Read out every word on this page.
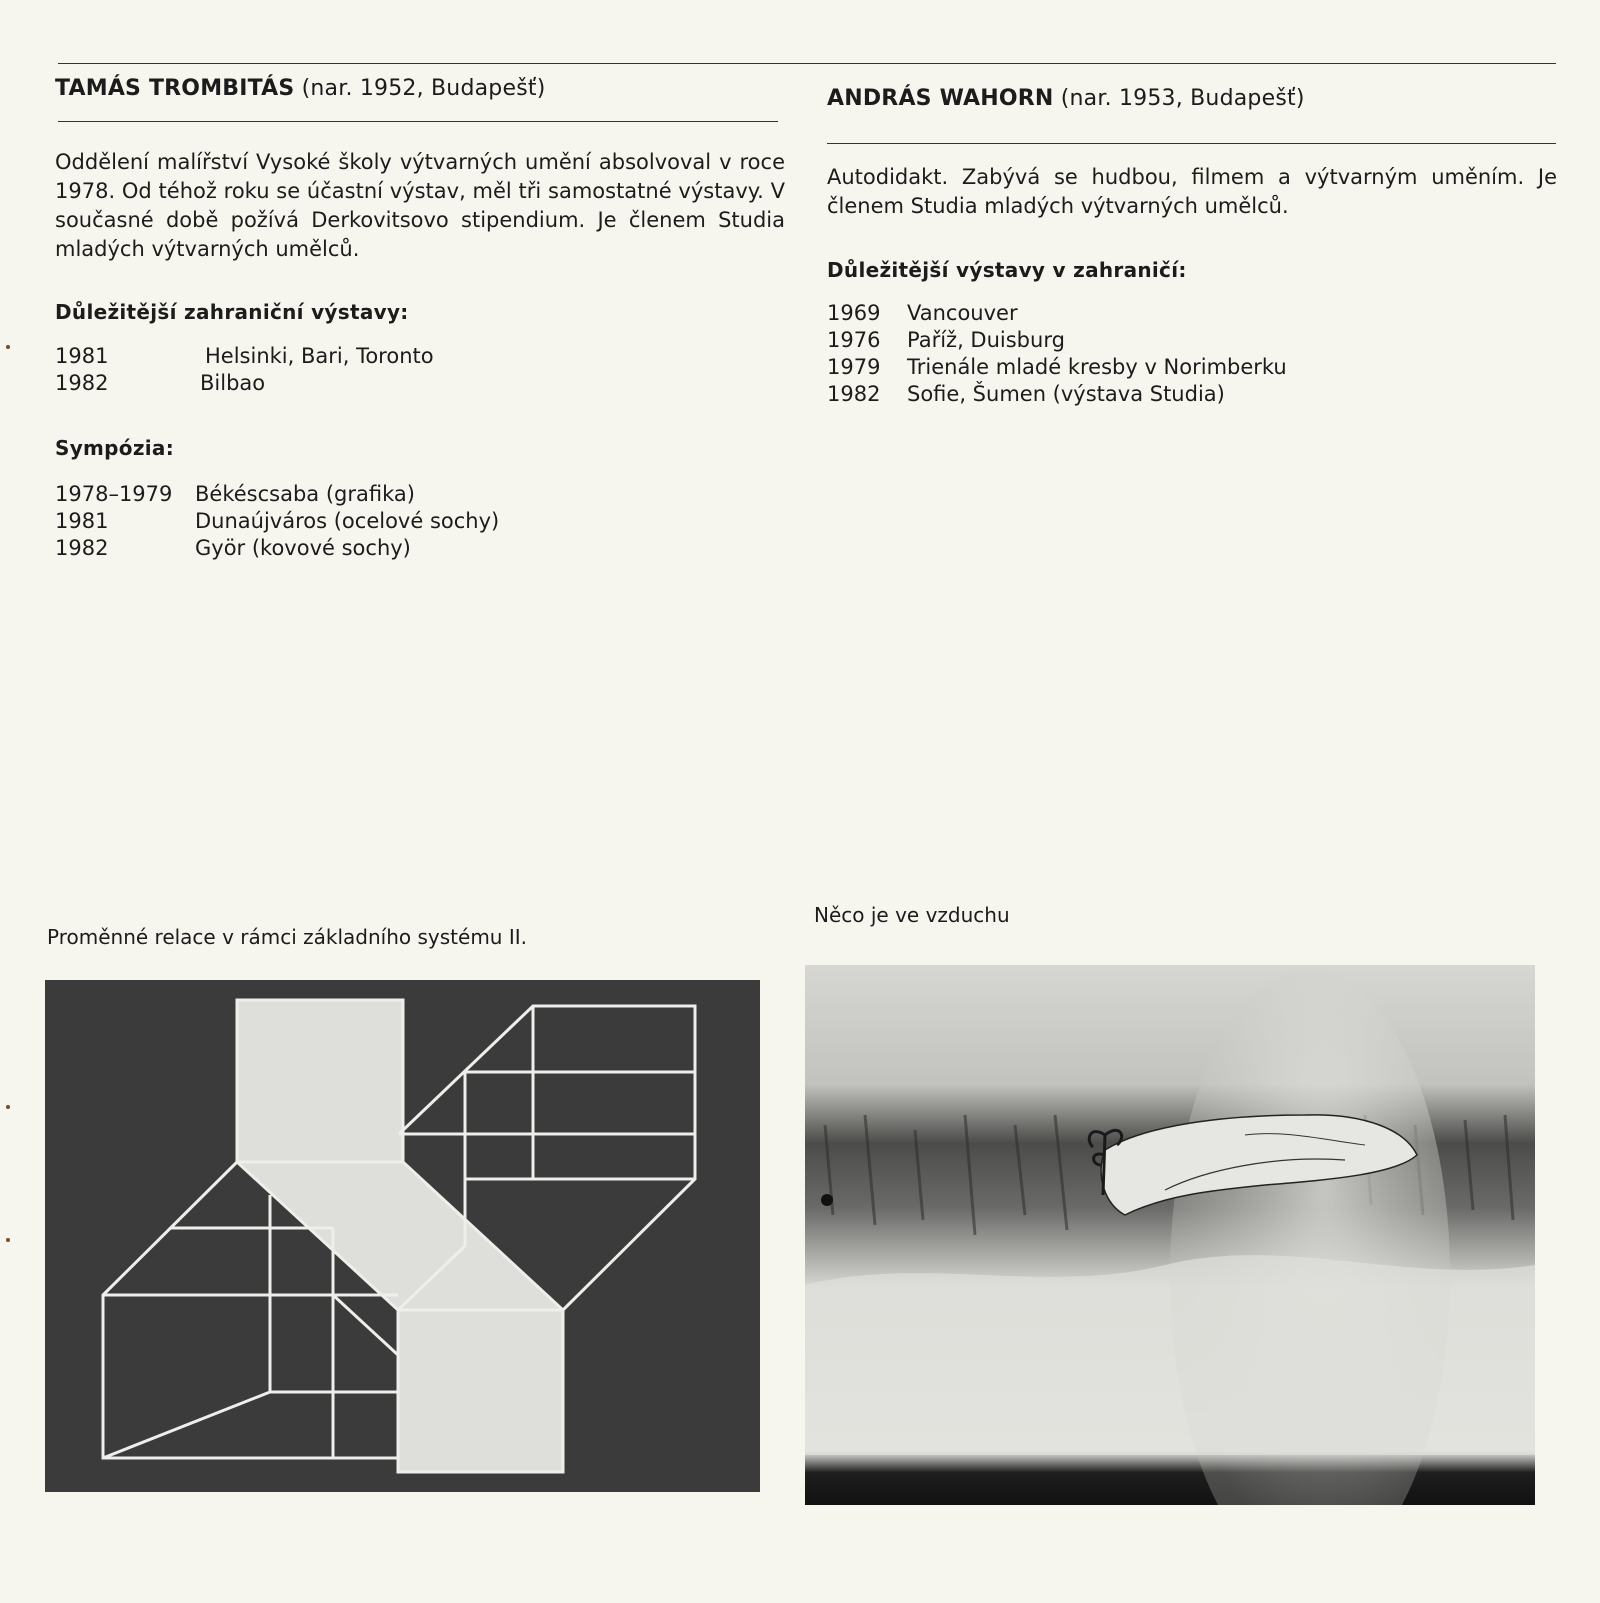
TAMÁS TROMBITÁS (nar. 1952, Budapešť)

Oddělení malířství Vysoké školy výtvarných umění absolvoval v roce 1978. Od téhož roku se účastní výstav, měl tři samostatné výstavy. V současné době požívá Derkovitsovo stipendium. Je členem Studia mladých výtvarných umělců.

Důležitější zahraniční výstavy:
1981	Helsinki, Bari, Toronto
1982	Bilbao
Sympózia:
1978–1979	Békéscsaba (grafika)
1981	Dunaújváros (ocelové sochy)
1982	Györ (kovové sochy)
ANDRÁS WAHORN (nar. 1953, Budapešť)

Autodidakt. Zabývá se hudbou, filmem a výtvarným uměním. Je členem Studia mladých výtvarných umělců.

Důležitější výstavy v zahraničí:
1969	Vancouver
1976	Paříž, Duisburg
1979	Trienále mladé kresby v Norimberku
1982	Sofie, Šumen (výstava Studia)
Proměnné relace v rámci základního systému II.
Něco je ve vzduchu
